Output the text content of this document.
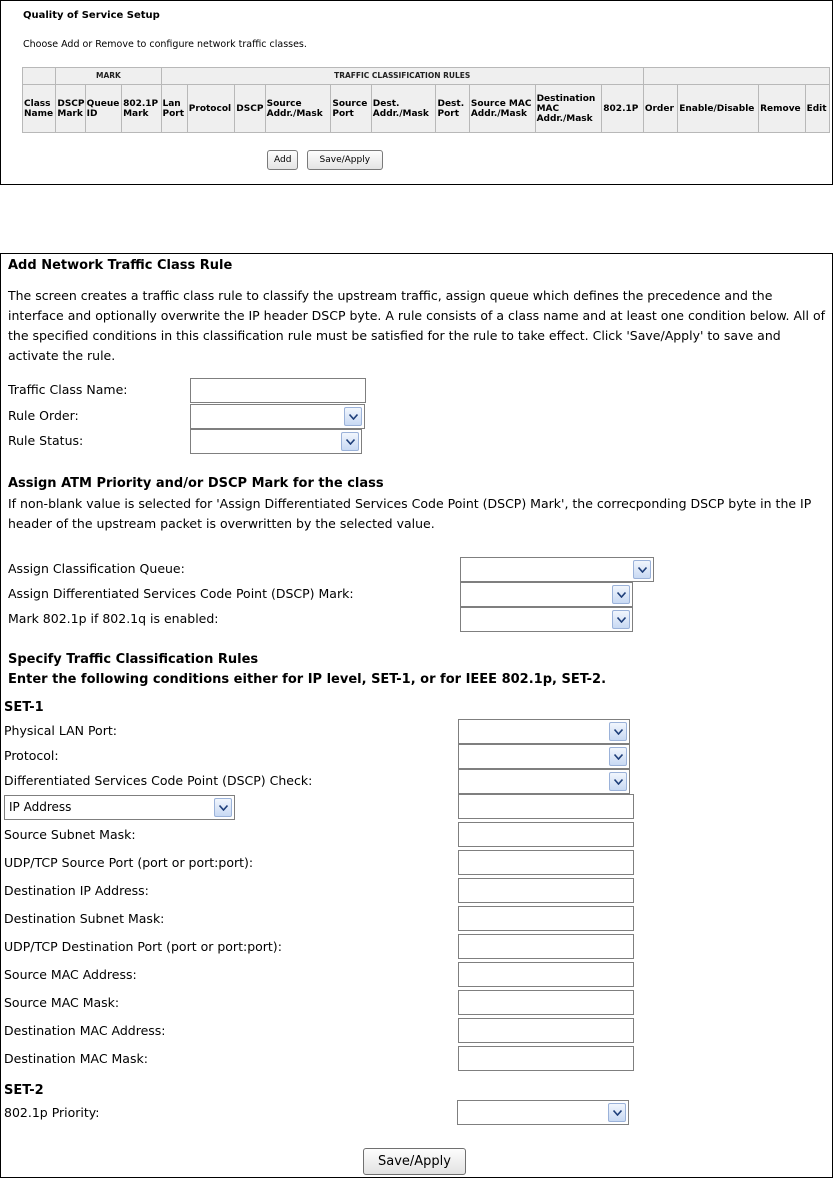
Quality of Service Setup
Choose Add or Remove to configure network traffic classes.
	MARK			TRAFFIC CLASSIFICATION RULES													
Class Name	DSCP Mark	Queue ID	802.1P Mark	Lan Port	Protocol	DSCP	Source Addr./Mask	Source Port	Dest. Addr./Mask	Dest. Port	Source MAC Addr./Mask	Destination MAC Addr./Mask	802.1P	Order	Enable/Disable	Remove	Edit
Add	Save/Apply
Add Network Traffic Class Rule
The screen creates a traffic class rule to classify the upstream traffic, assign queue which defines the precedence and the interface and optionally overwrite the IP header DSCP byte. A rule consists of a class name and at least one condition below. All of the specified conditions in this classification rule must be satisfied for the rule to take effect. Click 'Save/Apply' to save and activate the rule.
Traffic Class Name:
Rule Order:
Rule Status:
Assign ATM Priority and/or DSCP Mark for the class
If non-blank value is selected for 'Assign Differentiated Services Code Point (DSCP) Mark', the correcponding DSCP byte in the IP header of the upstream packet is overwritten by the selected value.
Assign Classification Queue:
Assign Differentiated Services Code Point (DSCP) Mark:
Mark 802.1p if 802.1q is enabled:
Specify Traffic Classification Rules
Enter the following conditions either for IP level, SET-1, or for IEEE 802.1p, SET-2.
SET-1
Physical LAN Port:
Protocol:
Differentiated Services Code Point (DSCP) Check:
IP Address
Source Subnet Mask:
UDP/TCP Source Port (port or port:port):
Destination IP Address:
Destination Subnet Mask:
UDP/TCP Destination Port (port or port:port):
Source MAC Address:
Source MAC Mask:
Destination MAC Address:
Destination MAC Mask:
SET-2
802.1p Priority:
Save/Apply
